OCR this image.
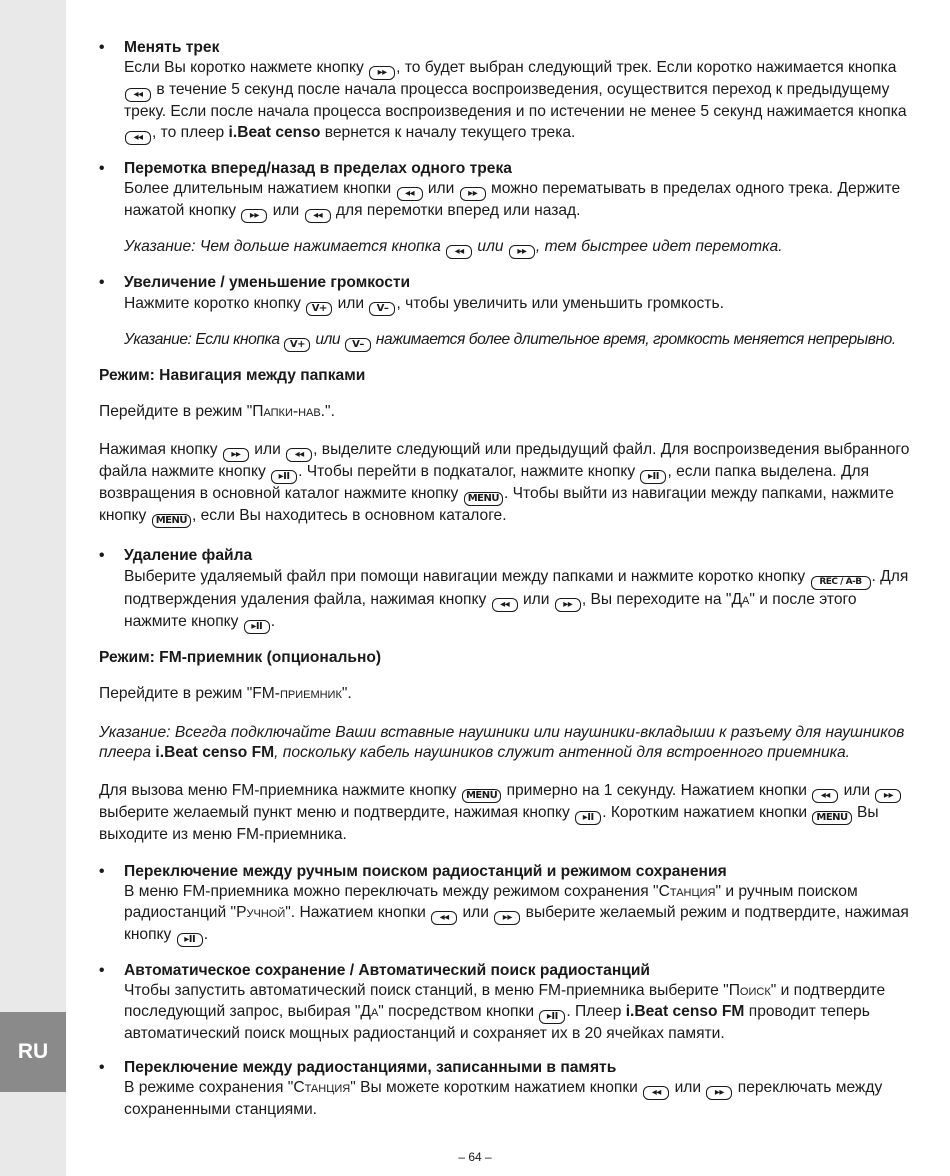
RU
• Менять трек
Если Вы коротко нажмете кнопку ▸▸ , то будет выбран следующий трек. Если коротко нажимается кнопка ◂◂ в течение 5 секунд после начала процесса воспроизведения, осуществится переход к предыдущему треку. Если после начала процесса воспроизведения и по истечении не менее 5 секунд нажимается кнопка ◂◂ , то плеер i.Beat censo вернется к началу текущего трека.
• Перемотка вперед/назад в пределах одного трека
Более длительным нажатием кнопки ◂◂ или ▸▸ можно перематывать в пределах одного трека. Держите нажатой кнопку ▸▸ или ◂◂ для перемотки вперед или назад.
Указание: Чем дольше нажимается кнопка ◂◂ или ▸▸ , тем быстрее идет перемотка.
• Увеличение / уменьшение громкости
Нажмите коротко кнопку V+ или V– , чтобы увеличить или уменьшить громкость.
Указание: Если кнопка V+ или V– нажимается более длительное время, громкость меняется непрерывно.
Режим: Навигация между папками
Перейдите в режим "Папки-нав.".
Нажимая кнопку ▸▸ или ◂◂ , выделите следующий или предыдущий файл. Для воспроизведения выбранного файла нажмите кнопку ▸II . Чтобы перейти в подкаталог, нажмите кнопку ▸II , если папка выделена. Для возвращения в основной каталог нажмите кнопку MENU . Чтобы выйти из навигации между папками, нажмите кнопку MENU , если Вы находитесь в основном каталоге.
• Удаление файла
Выберите удаляемый файл при помощи навигации между папками и нажмите коротко кнопку REC / A-B . Для подтверждения удаления файла, нажимая кнопку ◂◂ или ▸▸ , Вы переходите на "Да" и после этого нажмите кнопку ▸II .
Режим: FM-приемник (опционально)
Перейдите в режим "FM-приемник".
Указание: Всегда подключайте Ваши вставные наушники или наушники-вкладыши к разъему для наушников плеера i.Beat censo FM, поскольку кабель наушников служит антенной для встроенного приемника.
Для вызова меню FM-приемника нажмите кнопку MENU примерно на 1 секунду. Нажатием кнопки ◂◂ или ▸▸ выберите желаемый пункт меню и подтвердите, нажимая кнопку ▸II . Коротким нажатием кнопки MENU Вы выходите из меню FM-приемника.
• Переключение между ручным поиском радиостанций и режимом сохранения
В меню FM-приемника можно переключать между режимом сохранения "Станция" и ручным поиском радиостанций "Ручной". Нажатием кнопки ◂◂ или ▸▸ выберите желаемый режим и подтвердите, нажимая кнопку ▸II .
• Автоматическое сохранение / Автоматический поиск радиостанций
Чтобы запустить автоматический поиск станций, в меню FM-приемника выберите "Поиск" и подтвердите последующий запрос, выбирая "Да" посредством кнопки ▸II . Плеер i.Beat censo FM проводит теперь автоматический поиск мощных радиостанций и сохраняет их в 20 ячейках памяти.
• Переключение между радиостанциями, записанными в память
В режиме сохранения "Станция" Вы можете коротким нажатием кнопки ◂◂ или ▸▸ переключать между сохраненными станциями.
– 64 –
